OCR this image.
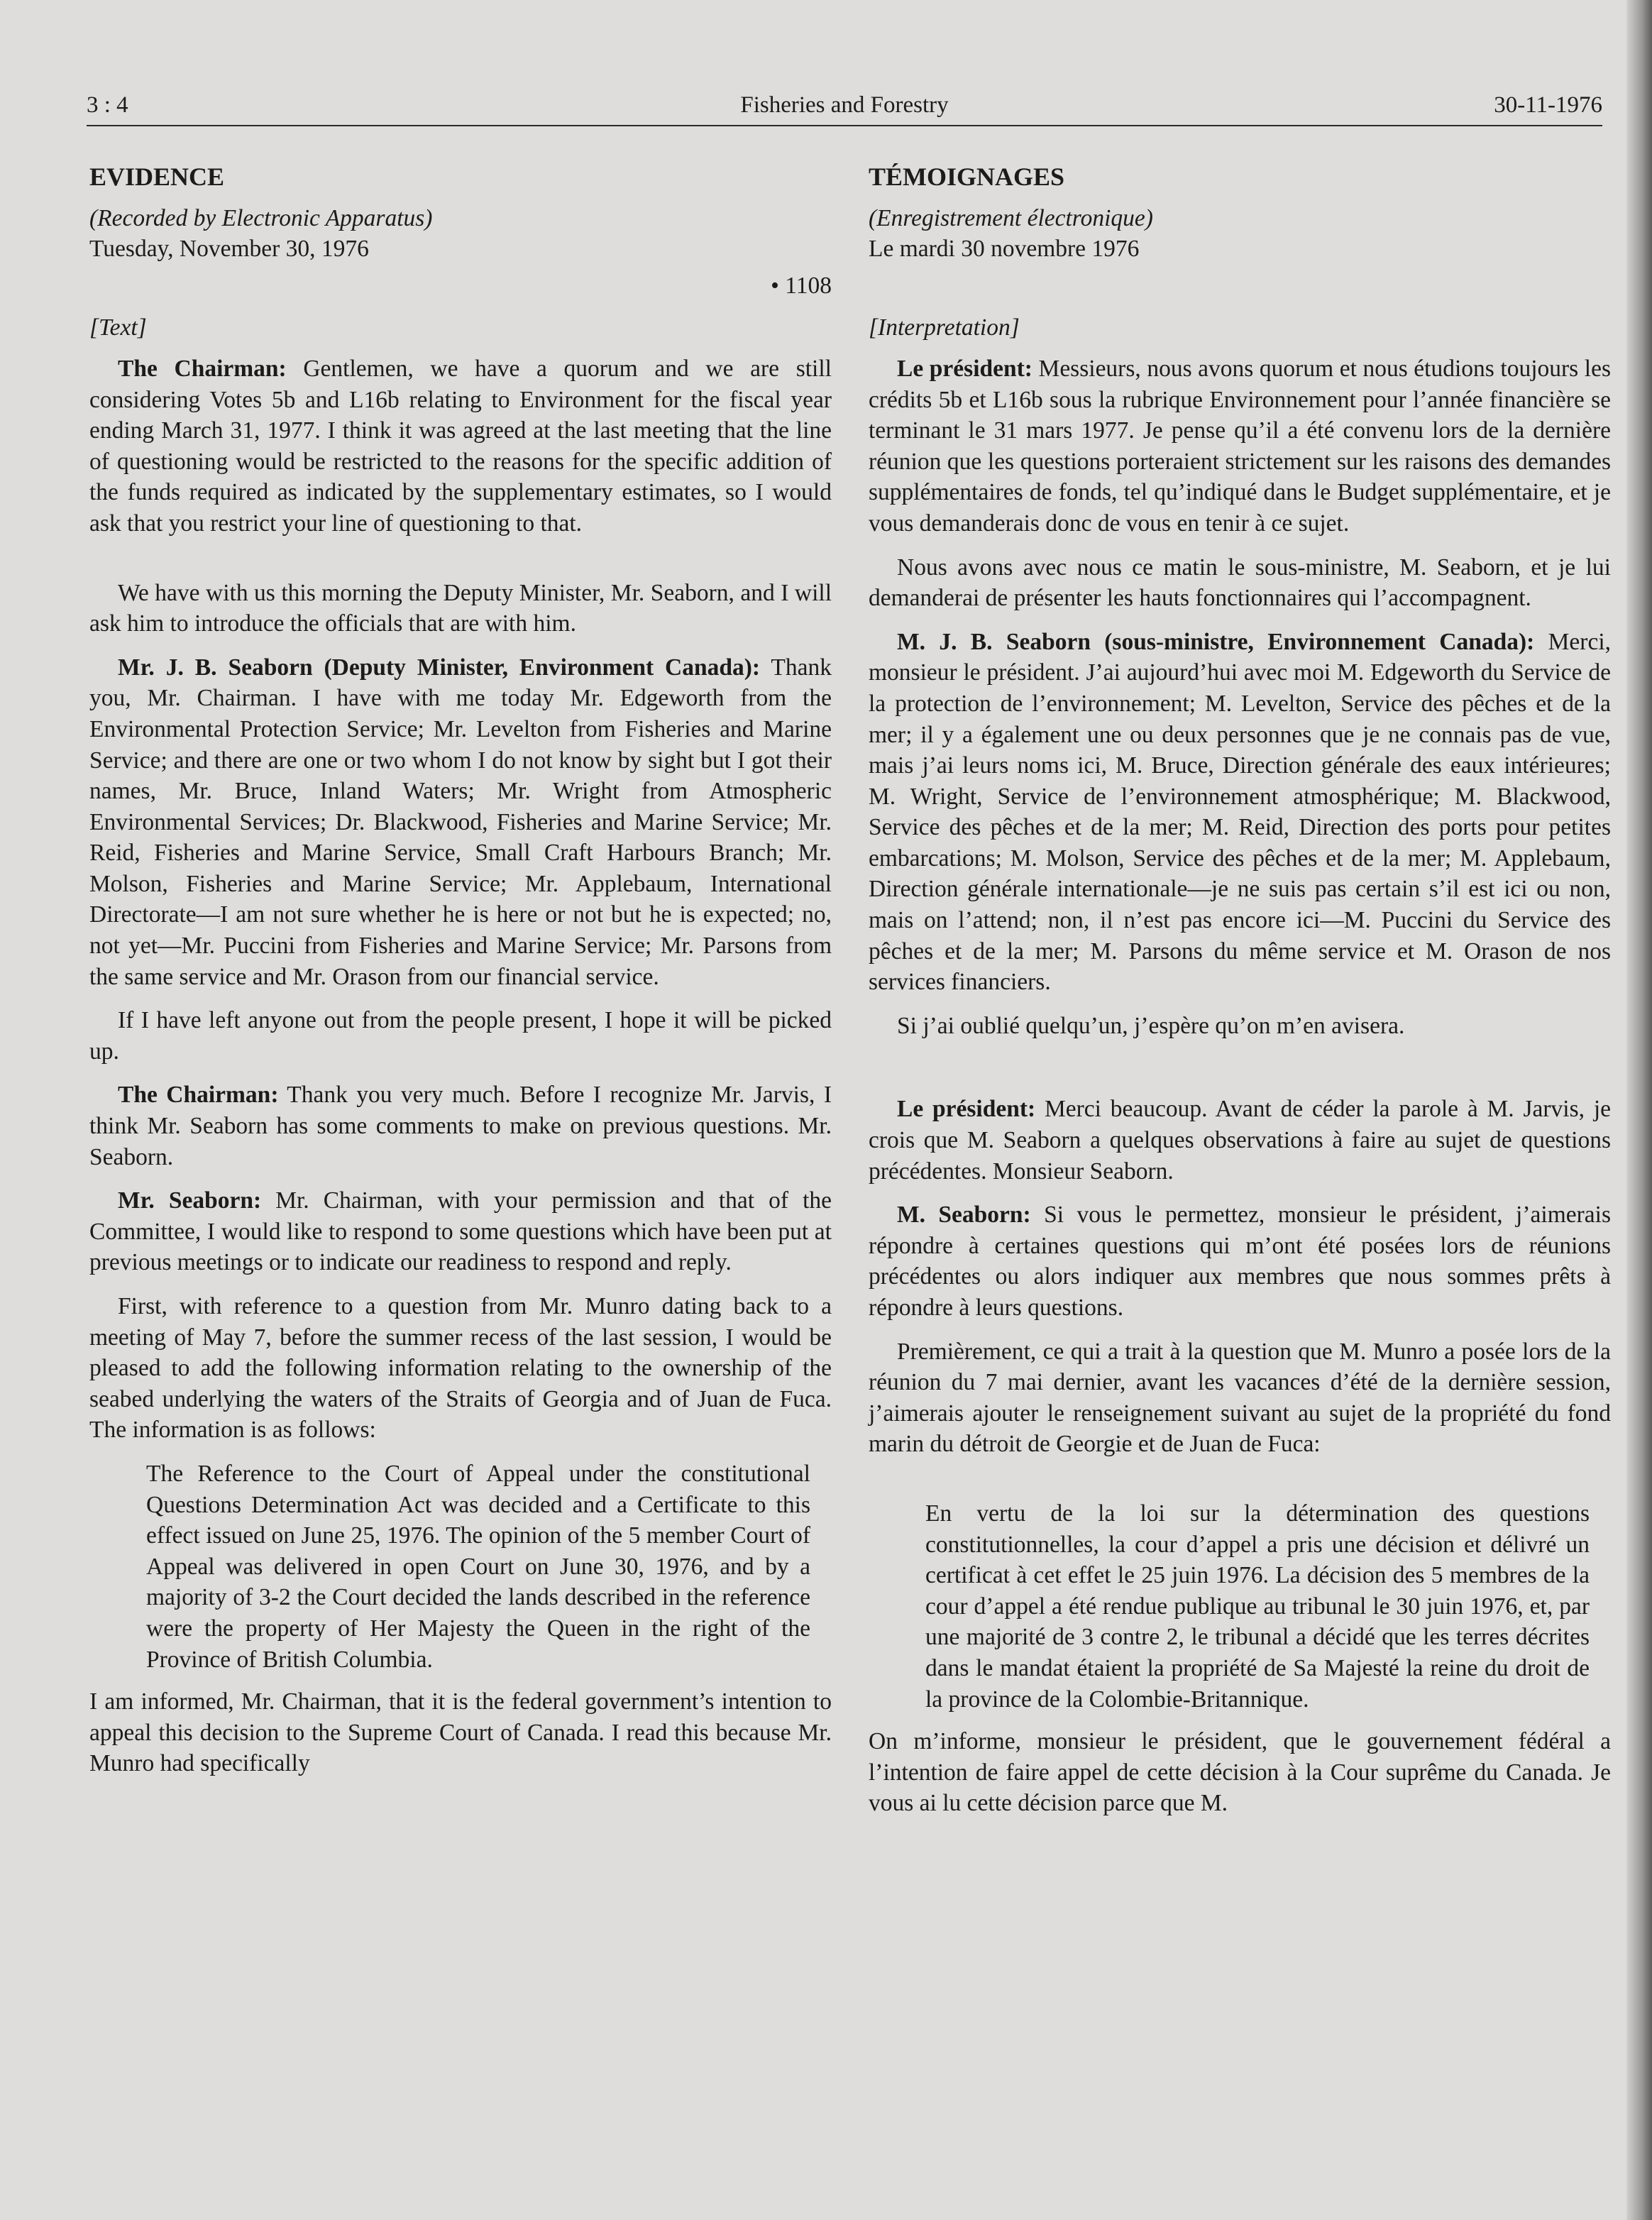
3 : 4	Fisheries and Forestry	30-11-1976

EVIDENCE

(Recorded by Electronic Apparatus)

Tuesday, November 30, 1976

• 1108

[Text]

The Chairman: Gentlemen, we have a quorum and we are still considering Votes 5b and L16b relating to Environment for the fiscal year ending March 31, 1977. I think it was agreed at the last meeting that the line of questioning would be restricted to the reasons for the specific addition of the funds required as indicated by the supplementary estimates, so I would ask that you restrict your line of questioning to that.

We have with us this morning the Deputy Minister, Mr. Seaborn, and I will ask him to introduce the officials that are with him.

Mr. J. B. Seaborn (Deputy Minister, Environment Canada): Thank you, Mr. Chairman. I have with me today Mr. Edgeworth from the Environmental Protection Service; Mr. Levelton from Fisheries and Marine Service; and there are one or two whom I do not know by sight but I got their names, Mr. Bruce, Inland Waters; Mr. Wright from Atmospheric Environmental Services; Dr. Blackwood, Fisheries and Marine Service; Mr. Reid, Fisheries and Marine Service, Small Craft Harbours Branch; Mr. Molson, Fisheries and Marine Service; Mr. Applebaum, International Directorate—I am not sure whether he is here or not but he is expected; no, not yet—Mr. Puccini from Fisheries and Marine Service; Mr. Parsons from the same service and Mr. Orason from our financial service.

If I have left anyone out from the people present, I hope it will be picked up.

The Chairman: Thank you very much. Before I recognize Mr. Jarvis, I think Mr. Seaborn has some comments to make on previous questions. Mr. Seaborn.

Mr. Seaborn: Mr. Chairman, with your permission and that of the Committee, I would like to respond to some questions which have been put at previous meetings or to indicate our readiness to respond and reply.

First, with reference to a question from Mr. Munro dating back to a meeting of May 7, before the summer recess of the last session, I would be pleased to add the following information relating to the ownership of the seabed underlying the waters of the Straits of Georgia and of Juan de Fuca. The information is as follows:

The Reference to the Court of Appeal under the constitutional Questions Determination Act was decided and a Certificate to this effect issued on June 25, 1976. The opinion of the 5 member Court of Appeal was delivered in open Court on June 30, 1976, and by a majority of 3-2 the Court decided the lands described in the reference were the property of Her Majesty the Queen in the right of the Province of British Columbia.

I am informed, Mr. Chairman, that it is the federal government’s intention to appeal this decision to the Supreme Court of Canada. I read this because Mr. Munro had specifically

TÉMOIGNAGES

(Enregistrement électronique)

Le mardi 30 novembre 1976

[Interpretation]

Le président: Messieurs, nous avons quorum et nous étudions toujours les crédits 5b et L16b sous la rubrique Environnement pour l’année financière se terminant le 31 mars 1977. Je pense qu’il a été convenu lors de la dernière réunion que les questions porteraient strictement sur les raisons des demandes supplémentaires de fonds, tel qu’indiqué dans le Budget supplémentaire, et je vous demanderais donc de vous en tenir à ce sujet.

Nous avons avec nous ce matin le sous-ministre, M. Seaborn, et je lui demanderai de présenter les hauts fonctionnaires qui l’accompagnent.

M. J. B. Seaborn (sous-ministre, Environnement Canada): Merci, monsieur le président. J’ai aujourd’hui avec moi M. Edgeworth du Service de la protection de l’environnement; M. Levelton, Service des pêches et de la mer; il y a également une ou deux personnes que je ne connais pas de vue, mais j’ai leurs noms ici, M. Bruce, Direction générale des eaux intérieures; M. Wright, Service de l’environnement atmosphérique; M. Blackwood, Service des pêches et de la mer; M. Reid, Direction des ports pour petites embarcations; M. Molson, Service des pêches et de la mer; M. Applebaum, Direction générale internationale—je ne suis pas certain s’il est ici ou non, mais on l’attend; non, il n’est pas encore ici—M. Puccini du Service des pêches et de la mer; M. Parsons du même service et M. Orason de nos services financiers.

Si j’ai oublié quelqu’un, j’espère qu’on m’en avisera.

Le président: Merci beaucoup. Avant de céder la parole à M. Jarvis, je crois que M. Seaborn a quelques observations à faire au sujet de questions précédentes. Monsieur Seaborn.

M. Seaborn: Si vous le permettez, monsieur le président, j’aimerais répondre à certaines questions qui m’ont été posées lors de réunions précédentes ou alors indiquer aux membres que nous sommes prêts à répondre à leurs questions.

Premièrement, ce qui a trait à la question que M. Munro a posée lors de la réunion du 7 mai dernier, avant les vacances d’été de la dernière session, j’aimerais ajouter le renseignement suivant au sujet de la propriété du fond marin du détroit de Georgie et de Juan de Fuca:

En vertu de la loi sur la détermination des questions constitutionnelles, la cour d’appel a pris une décision et délivré un certificat à cet effet le 25 juin 1976. La décision des 5 membres de la cour d’appel a été rendue publique au tribunal le 30 juin 1976, et, par une majorité de 3 contre 2, le tribunal a décidé que les terres décrites dans le mandat étaient la propriété de Sa Majesté la reine du droit de la province de la Colombie-Britannique.

On m’informe, monsieur le président, que le gouvernement fédéral a l’intention de faire appel de cette décision à la Cour suprême du Canada. Je vous ai lu cette décision parce que M.
